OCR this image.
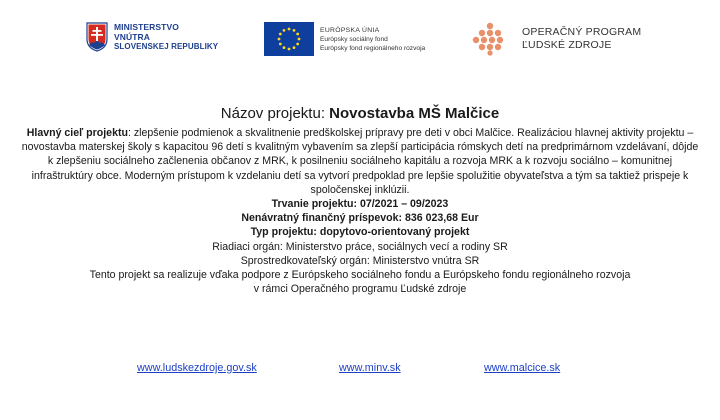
MINISTERSTVO
VNÚTRA
SLOVENSKEJ REPUBLIKY
EURÓPSKA ÚNIA
Európsky sociálny fond
Európsky fond regionálneho rozvoja
OPERAČNÝ PROGRAM
ĽUDSKÉ ZDROJE

Názov projektu: Novostavba MŠ Malčice

Hlavný cieľ projektu: zlepšenie podmienok a skvalitnenie predškolskej prípravy pre deti v obci Malčice. Realizáciou hlavnej aktivity projektu – novostavba materskej školy s kapacitou 96 detí s kvalitným vybavením sa zlepší participácia rómskych detí na predprimárnom vzdelávaní, dôjde k zlepšeniu sociálneho začlenenia občanov z MRK, k posilneniu sociálneho kapitálu a rozvoja MRK a k rozvoju sociálno – komunitnej infraštruktúry obce. Moderným prístupom k vzdelaniu detí sa vytvorí predpoklad pre lepšie spolužitie obyvateľstva a tým sa taktiež prispeje k spoločenskej inklúzii.

Trvanie projektu: 07/2021 – 09/2023

Nenávratný finančný príspevok: 836 023,68 Eur

Typ projektu: dopytovo-orientovaný projekt

Riadiaci orgán: Ministerstvo práce, sociálnych vecí a rodiny SR

Sprostredkovateľský orgán: Ministerstvo vnútra SR

Tento projekt sa realizuje vďaka podpore z Európskeho sociálneho fondu a Európskeho fondu regionálneho rozvoja

v rámci Operačného programu Ľudské zdroje

www.ludskezdroje.gov.sk	www.minv.sk	www.malcice.sk
